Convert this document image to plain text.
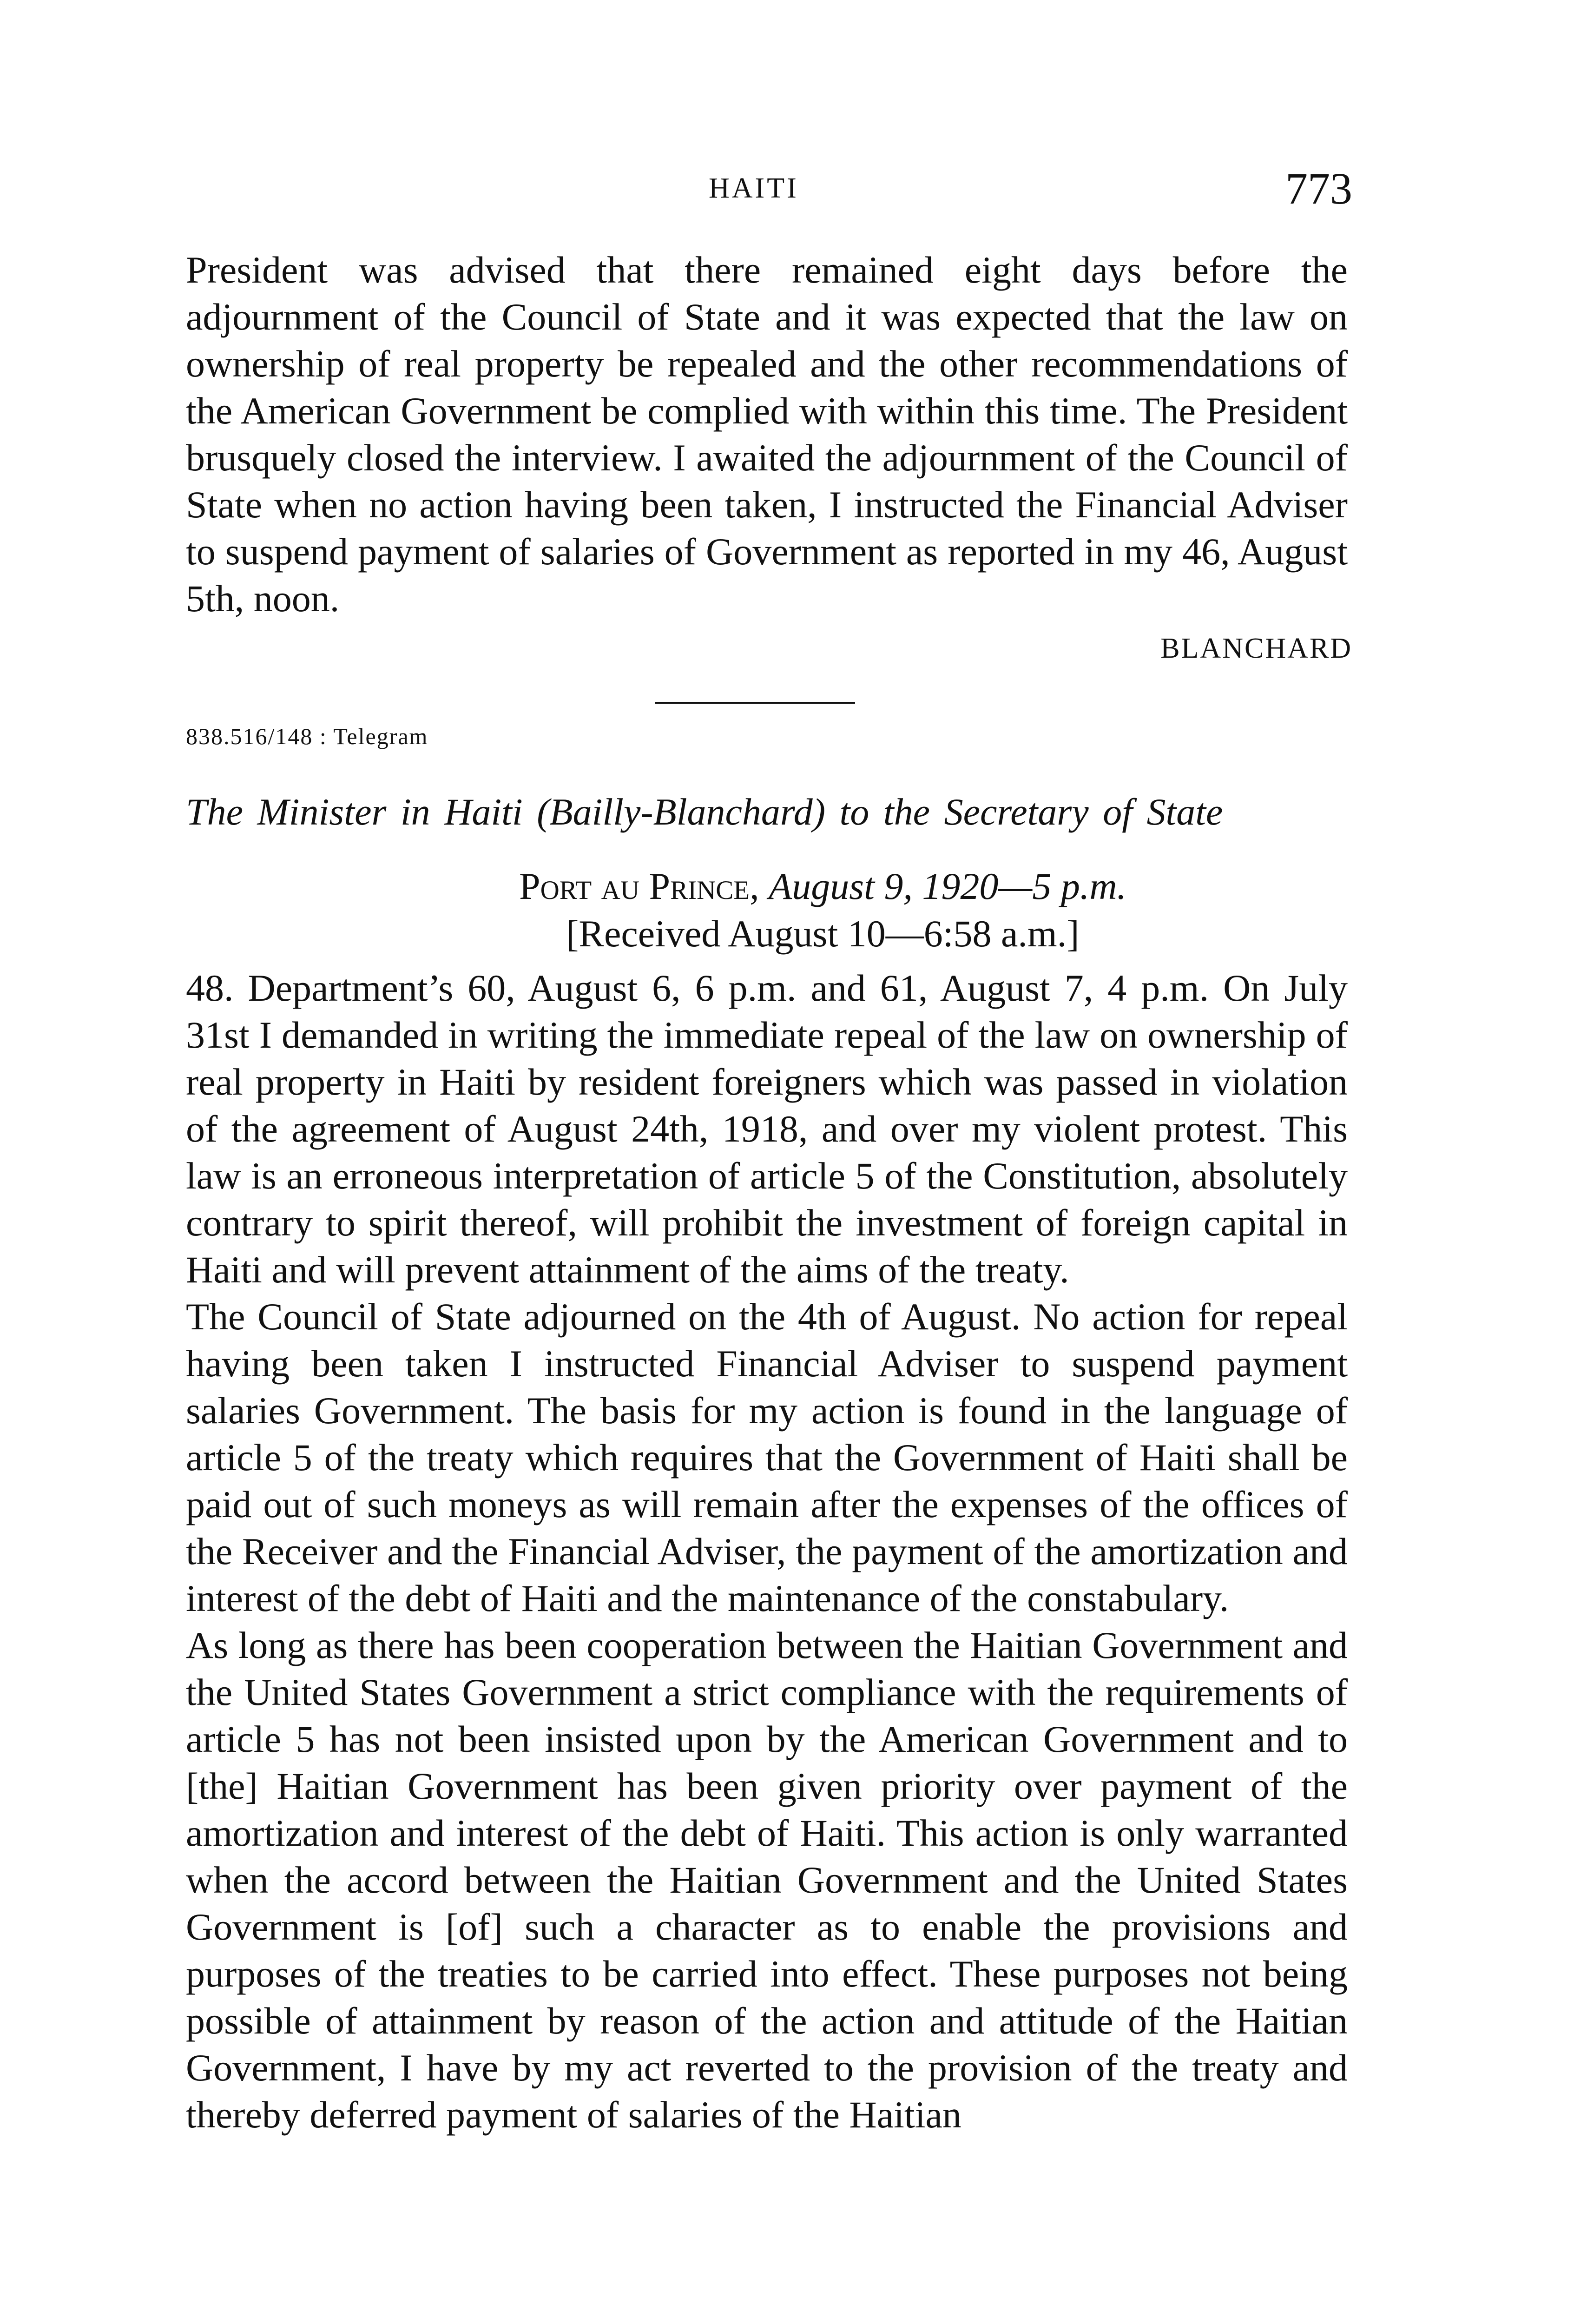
HAITI	773

President was advised that there remained eight days before the adjournment of the Council of State and it was expected that the law on ownership of real property be repealed and the other recommendations of the American Government be complied with within this time. The President brusquely closed the interview. I awaited the adjournment of the Council of State when no action having been taken, I instructed the Financial Adviser to suspend payment of salaries of Government as reported in my 46, August 5th, noon.

BLANCHARD
838.516/148 : Telegram
The Minister in Haiti (Bailly-Blanchard) to the Secretary of State
Port au Prince, August 9, 1920—5 p.m.
[Received August 10—6:58 a.m.]

48. Department’s 60, August 6, 6 p.m. and 61, August 7, 4 p.m. On July 31st I demanded in writing the immediate repeal of the law on ownership of real property in Haiti by resident foreigners which was passed in violation of the agreement of August 24th, 1918, and over my violent protest. This law is an erroneous interpretation of article 5 of the Constitution, absolutely contrary to spirit thereof, will prohibit the investment of foreign capital in Haiti and will prevent attainment of the aims of the treaty.

The Council of State adjourned on the 4th of August. No action for repeal having been taken I instructed Financial Adviser to suspend payment salaries Government. The basis for my action is found in the language of article 5 of the treaty which requires that the Government of Haiti shall be paid out of such moneys as will remain after the expenses of the offices of the Receiver and the Financial Adviser, the payment of the amortization and interest of the debt of Haiti and the maintenance of the constabulary.

As long as there has been cooperation between the Haitian Government and the United States Government a strict compliance with the requirements of article 5 has not been insisted upon by the American Government and to [the] Haitian Government has been given priority over payment of the amortization and interest of the debt of Haiti. This action is only warranted when the accord between the Haitian Government and the United States Government is [of] such a character as to enable the provisions and purposes of the treaties to be carried into effect. These purposes not being possible of attainment by reason of the action and attitude of the Haitian Government, I have by my act reverted to the provision of the treaty and thereby deferred payment of salaries of the Haitian
